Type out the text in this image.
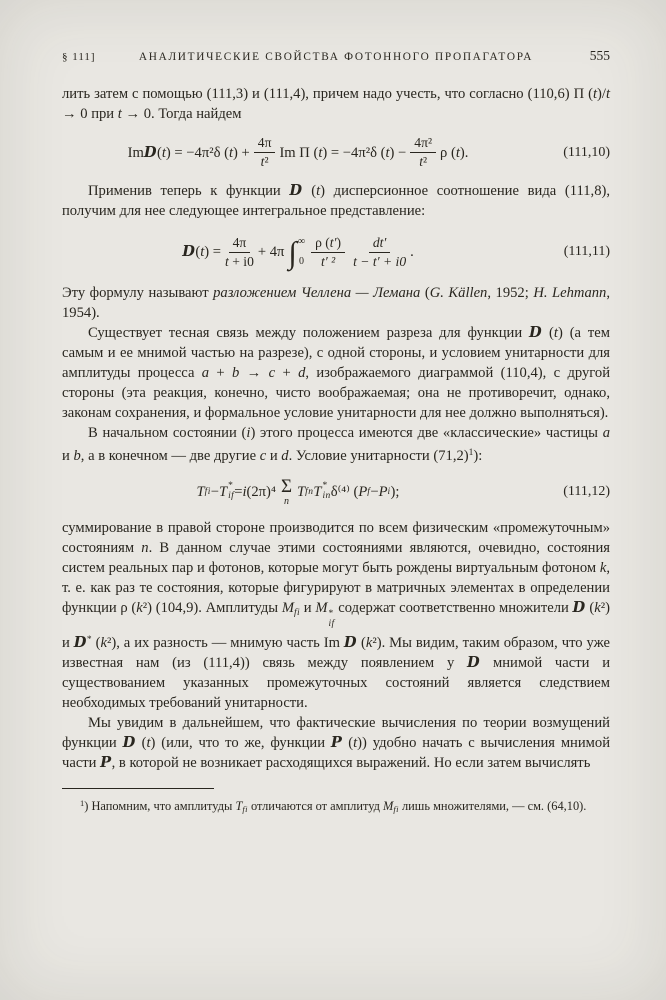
§ 111]	АНАЛИТИЧЕСКИЕ СВОЙСТВА ФОТОННОГО ПРОПАГАТОРА	555

лить затем с помощью (111,3) и (111,4), причем надо учесть, что согласно (110,6) Π (t)/t → 0 при t → 0. Тогда найдем

Im D ( t ) = −4π²δ ( t ) + $\frac{4\pi}{\text{t²}}$ Im Π ( t ) = −4π²δ ( t ) − $\frac{\text{4π²}}{\text{t²}}$ ρ ( t ).	(111,10)

Применив теперь к функции D (t) дисперсионное соотношение вида (111,8), получим для нее следующее интегральное представление:

D ( t ) = $\frac{4\pi}{t + i0} + 4\pi$ ∫ ∞
$0 \frac{\rho (t')}{\text{t′ ²}} \frac{dt'}{t - t' + i0}$ .	(111,11)

Эту формулу называют разложением Челлена — Лемана (G. Källen, 1952; H. Lehmann, 1954).

Существует тесная связь между положением разреза для функции D (t) (а тем самым и ее мнимой частью на разрезе), с одной стороны, и условием унитарности для амплитуды процесса a + b → c + d, изображаемого диаграммой (110,4), с другой стороны (эта реакция, конечно, чисто воображаемая; она не противоречит, однако, законам сохранения, и формальное условие унитарности для нее должно выполняться).

В начальном состоянии (i) этого процесса имеются две «классические» частицы a и b, а в конечном — две другие c и d. Условие унитарности $(71,2)^1$):

T fi − T *
if = i (2π)⁴ Σ
n
T fn T *
in δ⁽⁴⁾ ( P f − P i );	(111,12)

суммирование в правой стороне производится по всем физическим «промежуточным» состояниям n. В данном случае этими состояниями являются, очевидно, состояния систем реальных пар и фотонов, которые могут быть рождены виртуальным фотоном k, т. е. как раз те состояния, которые фигурируют в матричных элементах в определении функции ρ (k²) (104,9). Амплитуды $M_{fi}$ и M *
if
содержат соответственно множители D (k²) и D* (k²), а их разность — мнимую часть Im D (k²). Мы видим, таким образом, что уже известная нам (из (111,4)) связь между появлением у D мнимой части и существованием указанных промежуточных состояний является следствием необходимых требований унитарности.

Мы увидим в дальнейшем, что фактические вычисления по теории возмущений функции D (t) (или, что то же, функции P (t)) удобно начать с вычисления мнимой части P, в которой не возникает расходящихся выражений. Но если затем вычислять

$^1$) Напомним, что амплитуды $T_{fi}$ отличаются от амплитуд $M_{fi}$ лишь множителями, — см. (64,10).
